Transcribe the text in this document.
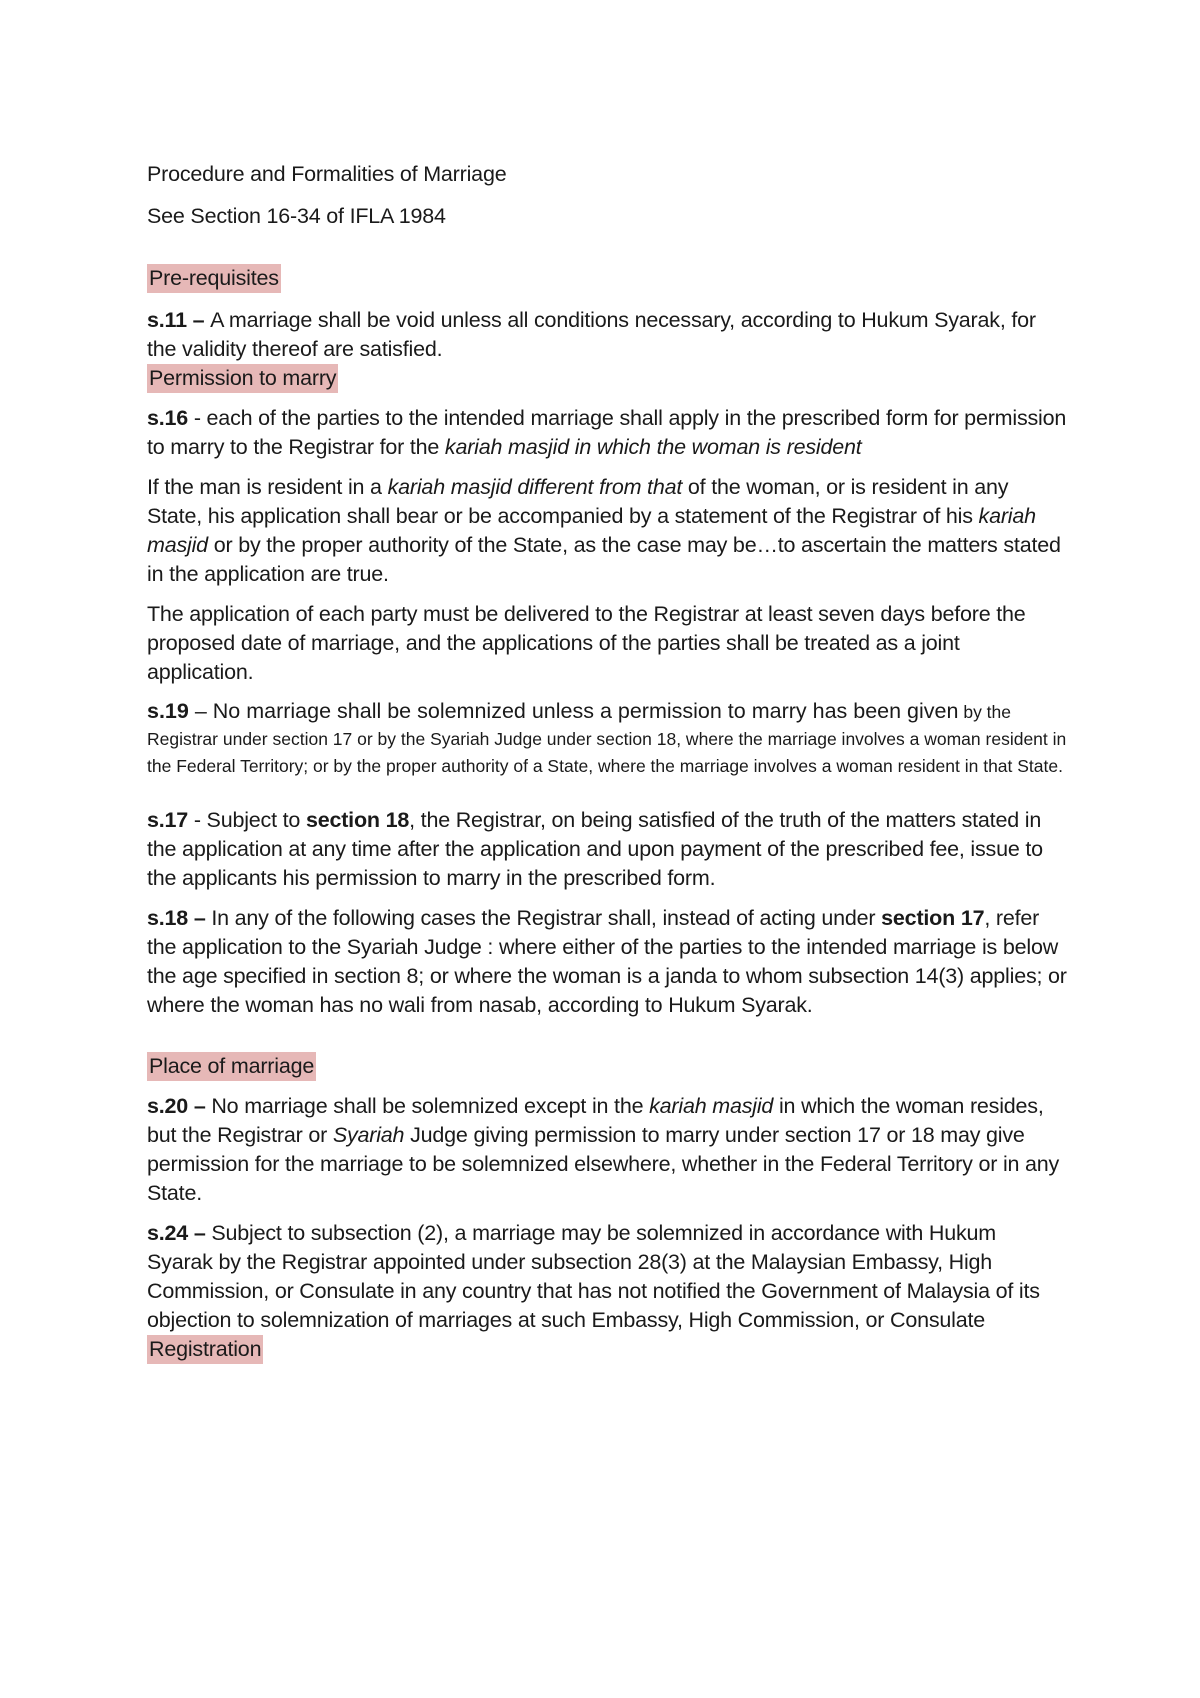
Procedure and Formalities of Marriage

See Section 16-34 of IFLA 1984

Pre-requisites

s.11 – A marriage shall be void unless all conditions necessary, according to Hukum Syarak, for the validity thereof are satisfied.

Permission to marry

s.16 - each of the parties to the intended marriage shall apply in the prescribed form for permission to marry to the Registrar for the kariah masjid in which the woman is resident

If the man is resident in a kariah masjid different from that of the woman, or is resident in any State, his application shall bear or be accompanied by a statement of the Registrar of his kariah masjid or by the proper authority of the State, as the case may be…to ascertain the matters stated in the application are true.

The application of each party must be delivered to the Registrar at least seven days before the proposed date of marriage, and the applications of the parties shall be treated as a joint application.

s.19 – No marriage shall be solemnized unless a permission to marry has been given by the Registrar under section 17 or by the Syariah Judge under section 18, where the marriage involves a woman resident in the Federal Territory; or by the proper authority of a State, where the marriage involves a woman resident in that State.

s.17 - Subject to section 18, the Registrar, on being satisfied of the truth of the matters stated in the application at any time after the application and upon payment of the prescribed fee, issue to the applicants his permission to marry in the prescribed form.

s.18 – In any of the following cases the Registrar shall, instead of acting under section 17, refer the application to the Syariah Judge : where either of the parties to the intended marriage is below the age specified in section 8; or where the woman is a janda to whom subsection 14(3) applies; or where the woman has no wali from nasab, according to Hukum Syarak.

Place of marriage

s.20 – No marriage shall be solemnized except in the kariah masjid in which the woman resides, but the Registrar or Syariah Judge giving permission to marry under section 17 or 18 may give permission for the marriage to be solemnized elsewhere, whether in the Federal Territory or in any State.

s.24 – Subject to subsection (2), a marriage may be solemnized in accordance with Hukum Syarak by the Registrar appointed under subsection 28(3) at the Malaysian Embassy, High Commission, or Consulate in any country that has not notified the Government of Malaysia of its objection to solemnization of marriages at such Embassy, High Commission, or Consulate

Registration
